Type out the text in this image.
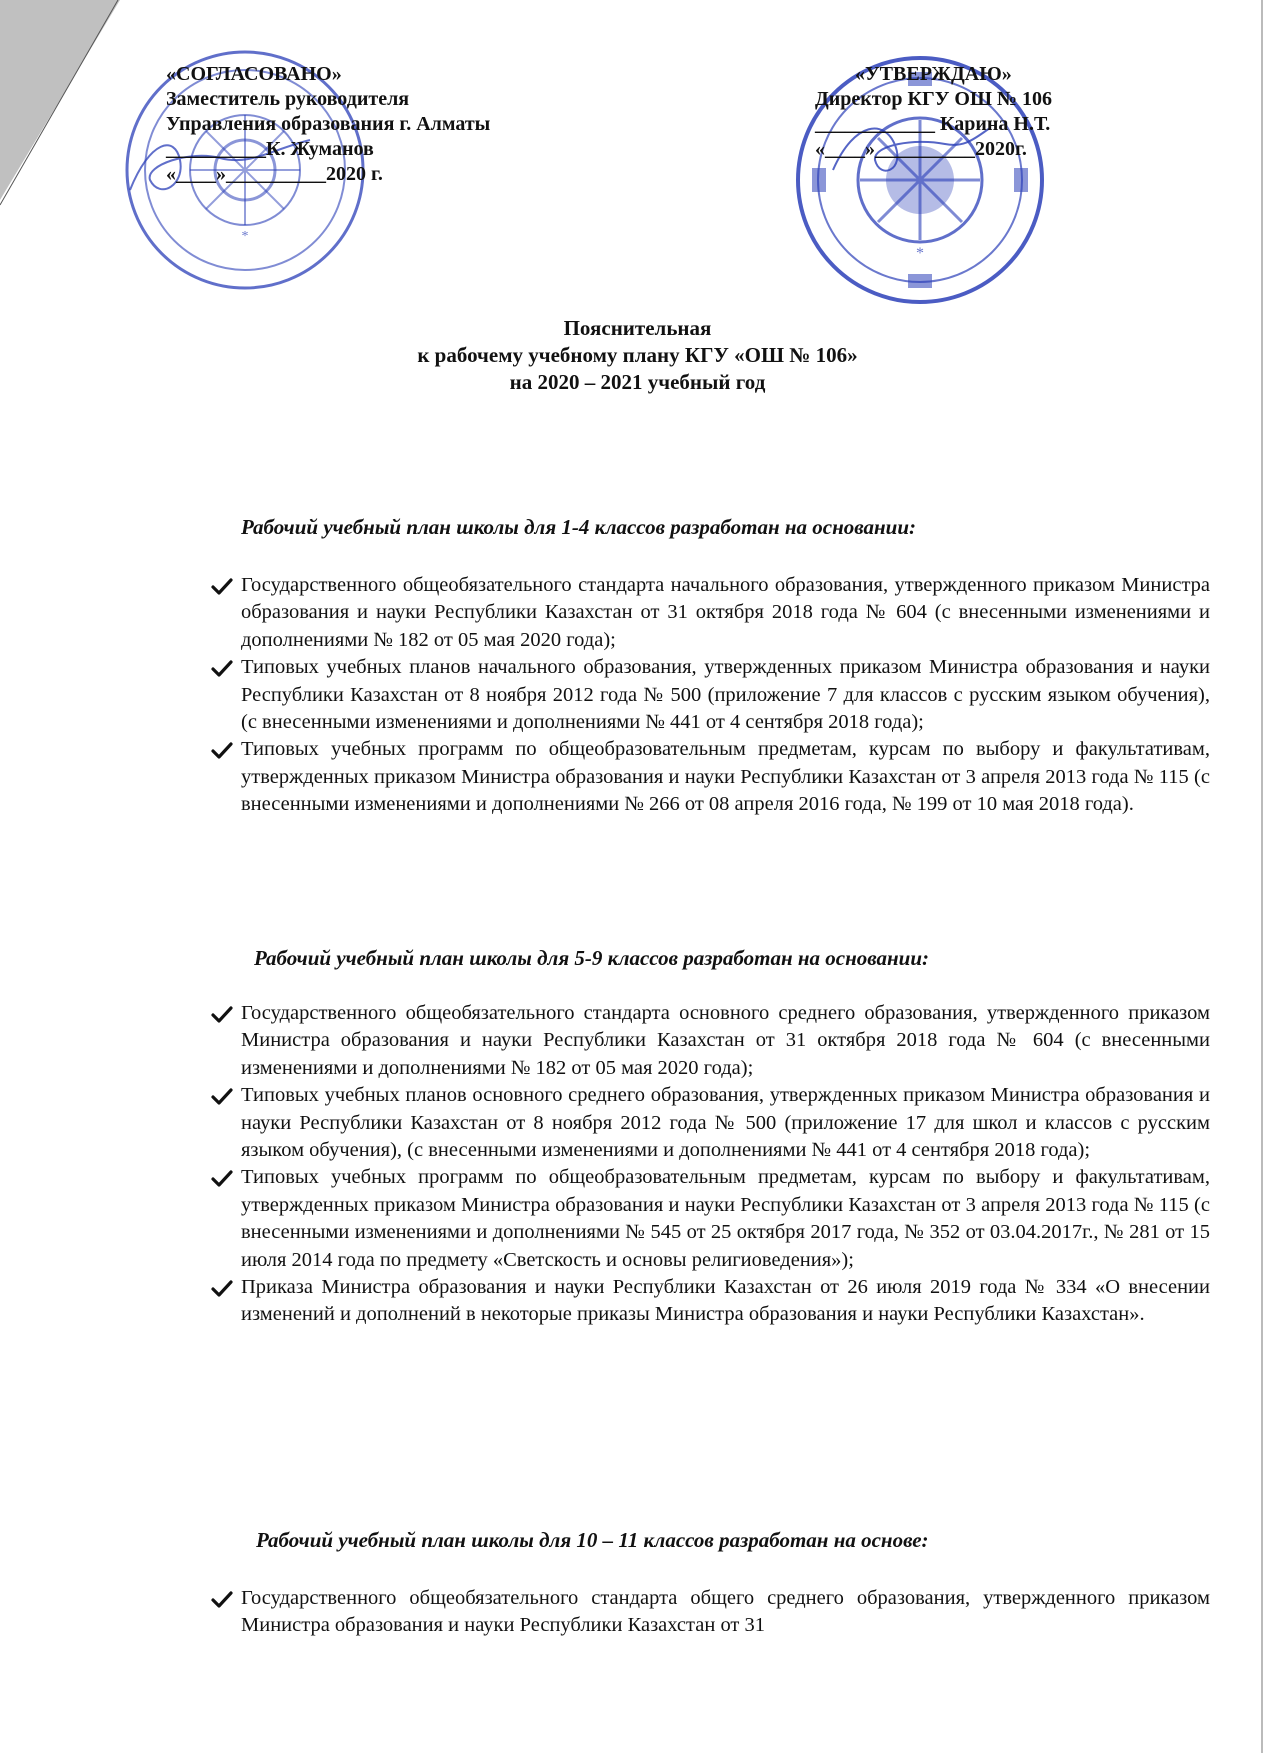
*
*
«СОГЛАСОВАНО»
Заместитель руководителя
Управления образования г. Алматы
__________К. Жуманов
«____»__________2020 г.
«УТВЕРЖДАЮ»
Директор КГУ ОШ № 106
____________ Карина Н.Т.
«____»__________2020г.
Пояснительная
к рабочему учебному плану КГУ «ОШ № 106»
на 2020 – 2021 учебный год
Рабочий учебный план школы для 1-4 классов разработан на основании:
Государственного общеобязательного стандарта начального образования, утвержденного приказом Министра образования и науки Республики Казахстан от 31 октября 2018 года № 604 (с внесенными изменениями и дополнениями № 182 от 05 мая 2020 года);
Типовых учебных планов начального образования, утвержденных приказом Министра образования и науки Республики Казахстан от 8 ноября 2012 года № 500 (приложение 7 для классов с русским языком обучения), (с внесенными изменениями и дополнениями № 441 от 4 сентября 2018 года);
Типовых учебных программ по общеобразовательным предметам, курсам по выбору и факультативам, утвержденных приказом Министра образования и науки Республики Казахстан от 3 апреля 2013 года № 115 (с внесенными изменениями и дополнениями № 266 от 08 апреля 2016 года, № 199 от 10 мая 2018 года).
Рабочий учебный план школы для 5-9 классов разработан на основании:
Государственного общеобязательного стандарта основного среднего образования, утвержденного приказом Министра образования и науки Республики Казахстан от 31 октября 2018 года № 604 (с внесенными изменениями и дополнениями № 182 от 05 мая 2020 года);
Типовых учебных планов основного среднего образования, утвержденных приказом Министра образования и науки Республики Казахстан от 8 ноября 2012 года № 500 (приложение 17 для школ и классов с русским языком обучения), (с внесенными изменениями и дополнениями № 441 от 4 сентября 2018 года);
Типовых учебных программ по общеобразовательным предметам, курсам по выбору и факультативам, утвержденных приказом Министра образования и науки Республики Казахстан от 3 апреля 2013 года № 115 (с внесенными изменениями и дополнениями № 545 от 25 октября 2017 года, № 352 от 03.04.2017г., № 281 от 15 июля 2014 года по предмету «Светскость и основы религиоведения»);
Приказа Министра образования и науки Республики Казахстан от 26 июля 2019 года № 334 «О внесении изменений и дополнений в некоторые приказы Министра образования и науки Республики Казахстан».
Рабочий учебный план школы для 10 – 11 классов разработан на основе:
Государственного общеобязательного стандарта общего среднего образования, утвержденного приказом Министра образования и науки Республики Казахстан от 31
